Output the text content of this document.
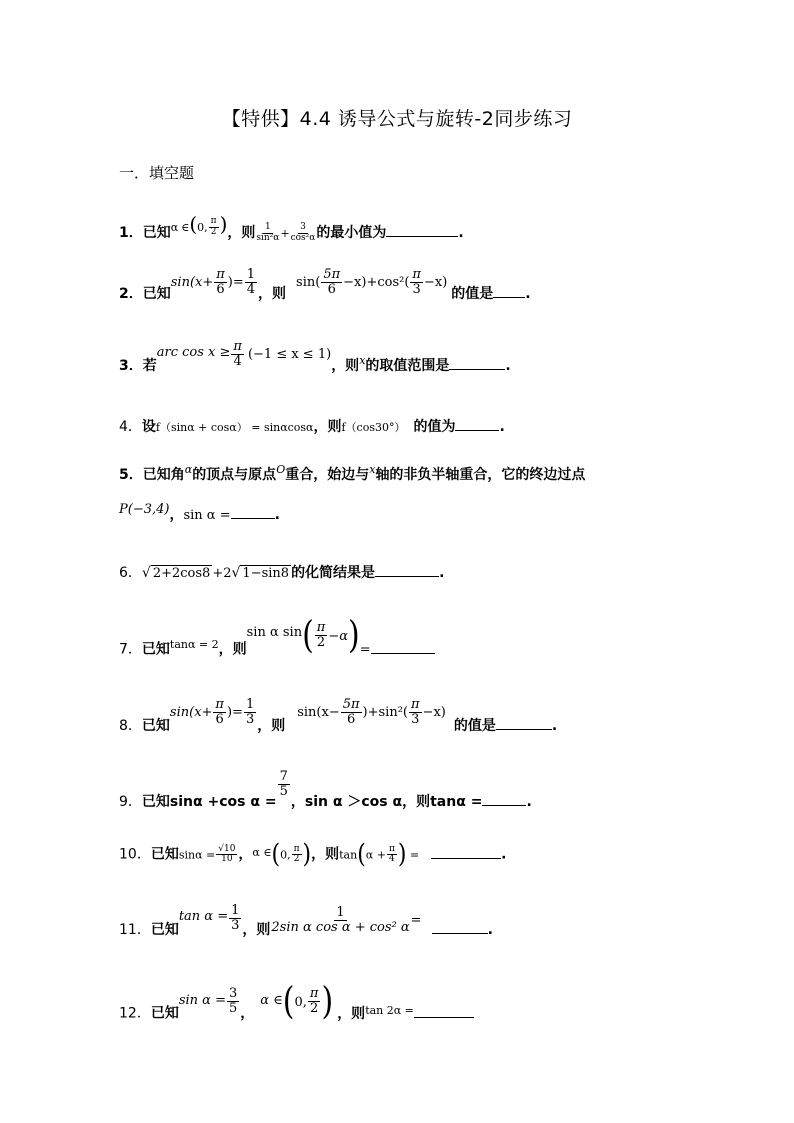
【特供】4.4 诱导公式与旋转-2同步练习
一．填空题
1．已知$^\alpha$ $^\in(^{0,} \frac{\pi}{2}$ )，则 $\frac{1}{\text{sin²α}} + \frac{3}{\text{cos²α}}$ 的最小值为	.
2．已知$\sin(x+ \frac{\pi}{6}$ )= $\frac{1}{4}$ ，则$\sin( \frac{5\pi}{6} -x)+\cos^2( \frac{\pi}{3} -x)$的值是 .
3．若arc $\cos x \ge \frac{\pi}{4} (-1 \le x \le 1)$，则$^x$的取值范围是	.
4．设f（sinα + cosα） = sinαcosα，则f（cos30°） 的值为	.
5．已知角$^\alpha$的顶点与原点$^O$重合，始边与$^x$轴的非负半轴重合，它的终边过点
P(−3,4)，sin α =	.
6．√ 2+2cos8 +2√ 1−sin8 的化简结果是	.
7．已知$^{tan\alpha = 2}$，则sin α $\sin( \frac{\pi}{2} -\alpha)=$
8．已知$\sin(x+ \frac{\pi}{6}$ )= $\frac{1}{3}$ ，则$\sin(x- \frac{5\pi}{6} )+\sin^2( \frac{\pi}{3} -x)$的值是	.
9．已知sinα +cos α =
$\frac{7}{5}$
，sin α ＞cos α，则tanα =	.
10．已知$\sin\alpha = \frac{√10}{10}$ ，$^{\alpha \in}$(0, $\frac{\pi}{2}$ )，则$\tan(\alpha + \frac{\pi}{4}$ ) =	.
11．已知$\tan \alpha = \frac{1}{3}$ ，则 $\frac{1}{\text{2sin α cos α + cos² α}}$ =.
12．已知$\sin \alpha = \frac{3}{5}$ ，α ∈(0, $\frac{\pi}{2}$ ) ，则$^{tan 2\alpha =}$
